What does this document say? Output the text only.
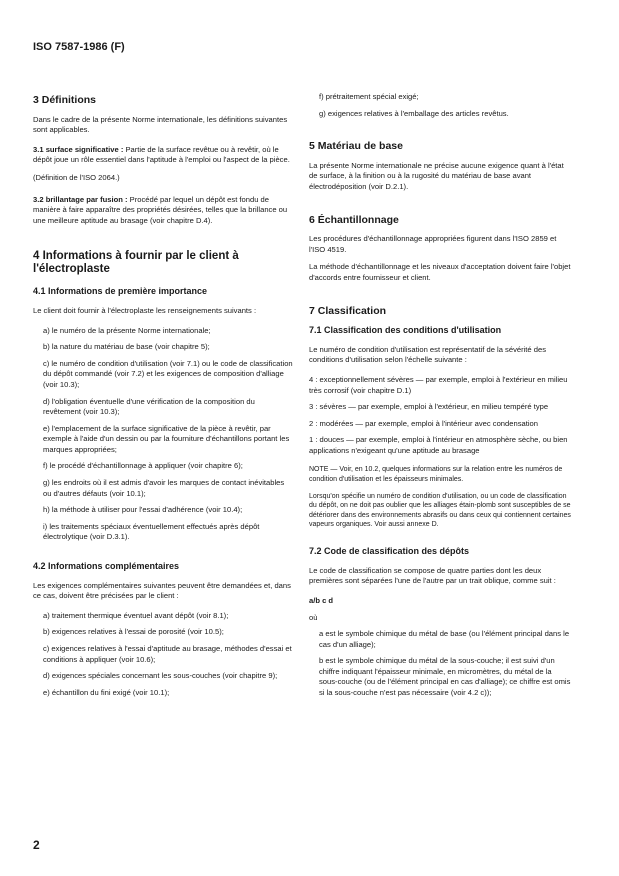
ISO 7587-1986 (F)
3 Définitions
Dans le cadre de la présente Norme internationale, les définitions suivantes sont applicables.
3.1 surface significative : Partie de la surface revêtue ou à revêtir, où le dépôt joue un rôle essentiel dans l'aptitude à l'emploi ou l'aspect de la pièce.
(Définition de l'ISO 2064.)
3.2 brillantage par fusion : Procédé par lequel un dépôt est fondu de manière à faire apparaître des propriétés désirées, telles que la brillance ou une meilleure aptitude au brasage (voir chapitre D.4).
4 Informations à fournir par le client à l'électroplaste
4.1 Informations de première importance
Le client doit fournir à l'électroplaste les renseignements suivants :
a) le numéro de la présente Norme internationale;
b) la nature du matériau de base (voir chapitre 5);
c) le numéro de condition d'utilisation (voir 7.1) ou le code de classification du dépôt commandé (voir 7.2) et les exigences de composition d'alliage (voir 10.3);
d) l'obligation éventuelle d'une vérification de la composition du revêtement (voir 10.3);
e) l'emplacement de la surface significative de la pièce à revêtir, par exemple à l'aide d'un dessin ou par la fourniture d'échantillons portant les marques appropriées;
f) le procédé d'échantillonnage à appliquer (voir chapitre 6);
g) les endroits où il est admis d'avoir les marques de contact inévitables ou d'autres défauts (voir 10.1);
h) la méthode à utiliser pour l'essai d'adhérence (voir 10.4);
i) les traitements spéciaux éventuellement effectués après dépôt électrolytique (voir D.3.1).
4.2 Informations complémentaires
Les exigences complémentaires suivantes peuvent être demandées et, dans ce cas, doivent être précisées par le client :
a) traitement thermique éventuel avant dépôt (voir 8.1);
b) exigences relatives à l'essai de porosité (voir 10.5);
c) exigences relatives à l'essai d'aptitude au brasage, méthodes d'essai et conditions à appliquer (voir 10.6);
d) exigences spéciales concernant les sous-couches (voir chapitre 9);
e) échantillon du fini exigé (voir 10.1);
f) prétraitement spécial exigé;
g) exigences relatives à l'emballage des articles revêtus.
5 Matériau de base
La présente Norme internationale ne précise aucune exigence quant à l'état de surface, à la finition ou à la rugosité du matériau de base avant électrodéposition (voir D.2.1).
6 Échantillonnage
Les procédures d'échantillonnage appropriées figurent dans l'ISO 2859 et l'ISO 4519.
La méthode d'échantillonnage et les niveaux d'acceptation doivent faire l'objet d'accords entre fournisseur et client.
7 Classification
7.1 Classification des conditions d'utilisation
Le numéro de condition d'utilisation est représentatif de la sévérité des conditions d'utilisation selon l'échelle suivante :
4 : exceptionnellement sévères — par exemple, emploi à l'extérieur en milieu très corrosif (voir chapitre D.1)
3 : sévères — par exemple, emploi à l'extérieur, en milieu tempéré type
2 : modérées — par exemple, emploi à l'intérieur avec condensation
1 : douces — par exemple, emploi à l'intérieur en atmosphère sèche, ou bien applications n'exigeant qu'une aptitude au brasage
NOTE — Voir, en 10.2, quelques informations sur la relation entre les numéros de condition d'utilisation et les épaisseurs minimales.
Lorsqu'on spécifie un numéro de condition d'utilisation, ou un code de classification du dépôt, on ne doit pas oublier que les alliages étain-plomb sont susceptibles de se détériorer dans des environnements abrasifs ou dans ceux qui contiennent certaines vapeurs organiques. Voir aussi annexe D.
7.2 Code de classification des dépôts
Le code de classification se compose de quatre parties dont les deux premières sont séparées l'une de l'autre par un trait oblique, comme suit :
a/b c d
où
a est le symbole chimique du métal de base (ou l'élément principal dans le cas d'un alliage);
b est le symbole chimique du métal de la sous-couche; il est suivi d'un chiffre indiquant l'épaisseur minimale, en micromètres, du métal de la sous-couche (ou de l'élément principal en cas d'alliage); ce chiffre est omis si la sous-couche n'est pas nécessaire (voir 4.2 c));
2
